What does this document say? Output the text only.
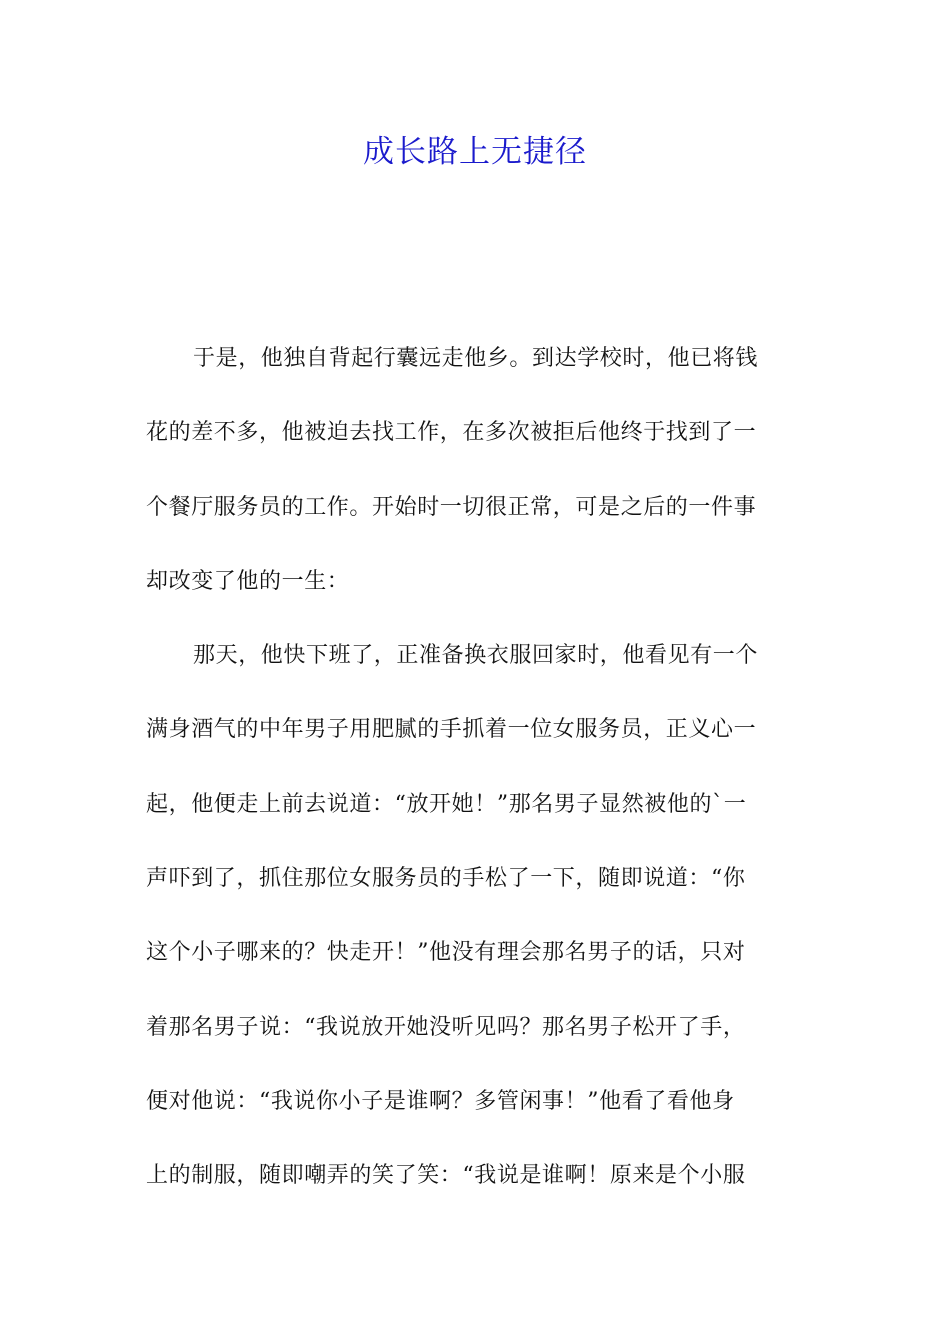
成长路上无捷径
于是，他独自背起行囊远走他乡。到达学校时，他已将钱
花的差不多，他被迫去找工作，在多次被拒后他终于找到了一
个餐厅服务员的工作。开始时一切很正常，可是之后的一件事
却改变了他的一生：
那天，他快下班了，正准备换衣服回家时，他看见有一个
满身酒气的中年男子用肥腻的手抓着一位女服务员，正义心一
起，他便走上前去说道：“放开她！”那名男子显然被他的`一
声吓到了，抓住那位女服务员的手松了一下，随即说道：“你
这个小子哪来的？快走开！”他没有理会那名男子的话，只对
着那名男子说：“我说放开她没听见吗？那名男子松开了手，
便对他说：“我说你小子是谁啊？多管闲事！”他看了看他身
上的制服，随即嘲弄的笑了笑：“我说是谁啊！原来是个小服
